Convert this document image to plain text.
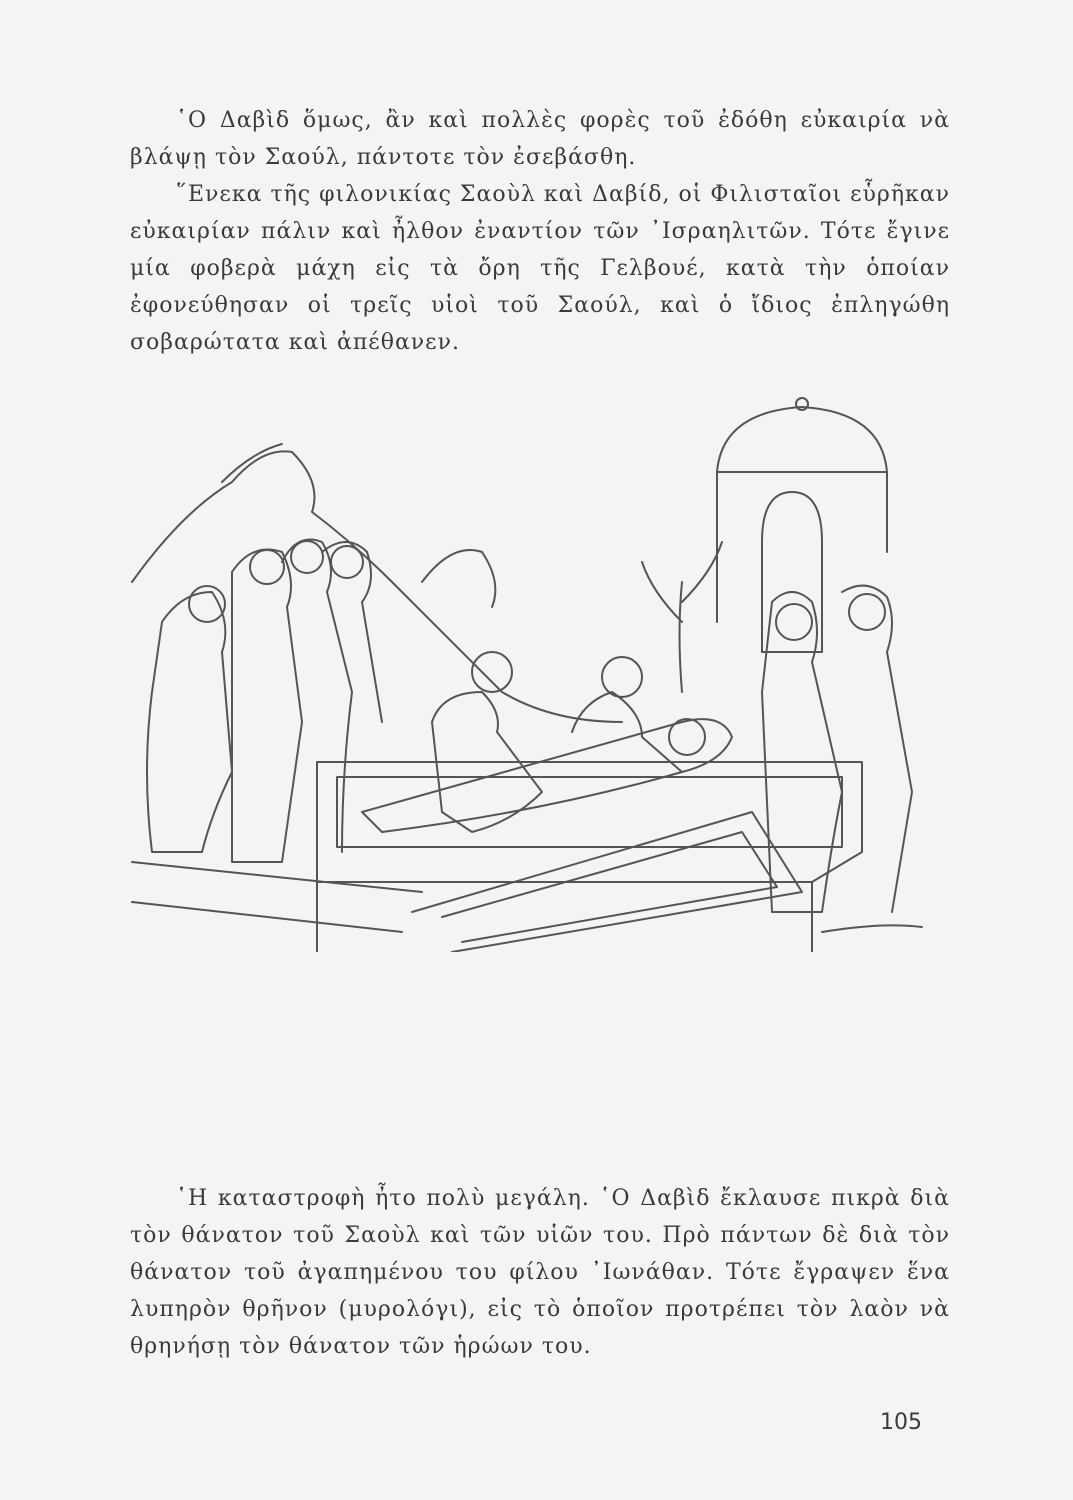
῾Ο Δαβὶδ ὅμως, ἂν καὶ πολλὲς φορὲς τοῦ ἐδόθη εὐκαιρία νὰ βλάψῃ τὸν Σαούλ, πάντοτε τὸν ἐσεβάσθη.

῞Ενεκα τῆς φιλονικίας Σαοὺλ καὶ Δαβίδ, οἱ Φιλισταῖοι εὗρῆκαν εὐκαιρίαν πάλιν καὶ ἦλθον ἐναντίον τῶν ᾿Ισραηλιτῶν. Τότε ἔγινε μία φοβερὰ μάχη εἰς τὰ ὄρη τῆς Γελβουέ, κατὰ τὴν ὁποίαν ἐφονεύθησαν οἱ τρεῖς υἱοὶ τοῦ Σαούλ, καὶ ὁ ἴδιος ἐπληγώθη σοβαρώτατα καὶ ἀπέθανεν.

῾Η καταστροφὴ ἦτο πολὺ μεγάλη. ῾Ο Δαβὶδ ἔκλαυσε πικρὰ διὰ τὸν θάνατον τοῦ Σαοὺλ καὶ τῶν υἱῶν του. Πρὸ πάντων δὲ διὰ τὸν θάνατον τοῦ ἀγαπημένου του φίλου ᾿Ιωνάθαν. Τότε ἔγραψεν ἕνα λυπηρὸν θρῆνον (μυρολόγι), εἰς τὸ ὁποῖον προτρέπει τὸν λαὸν νὰ θρηνήσῃ τὸν θάνατον τῶν ἡρώων του.

105
